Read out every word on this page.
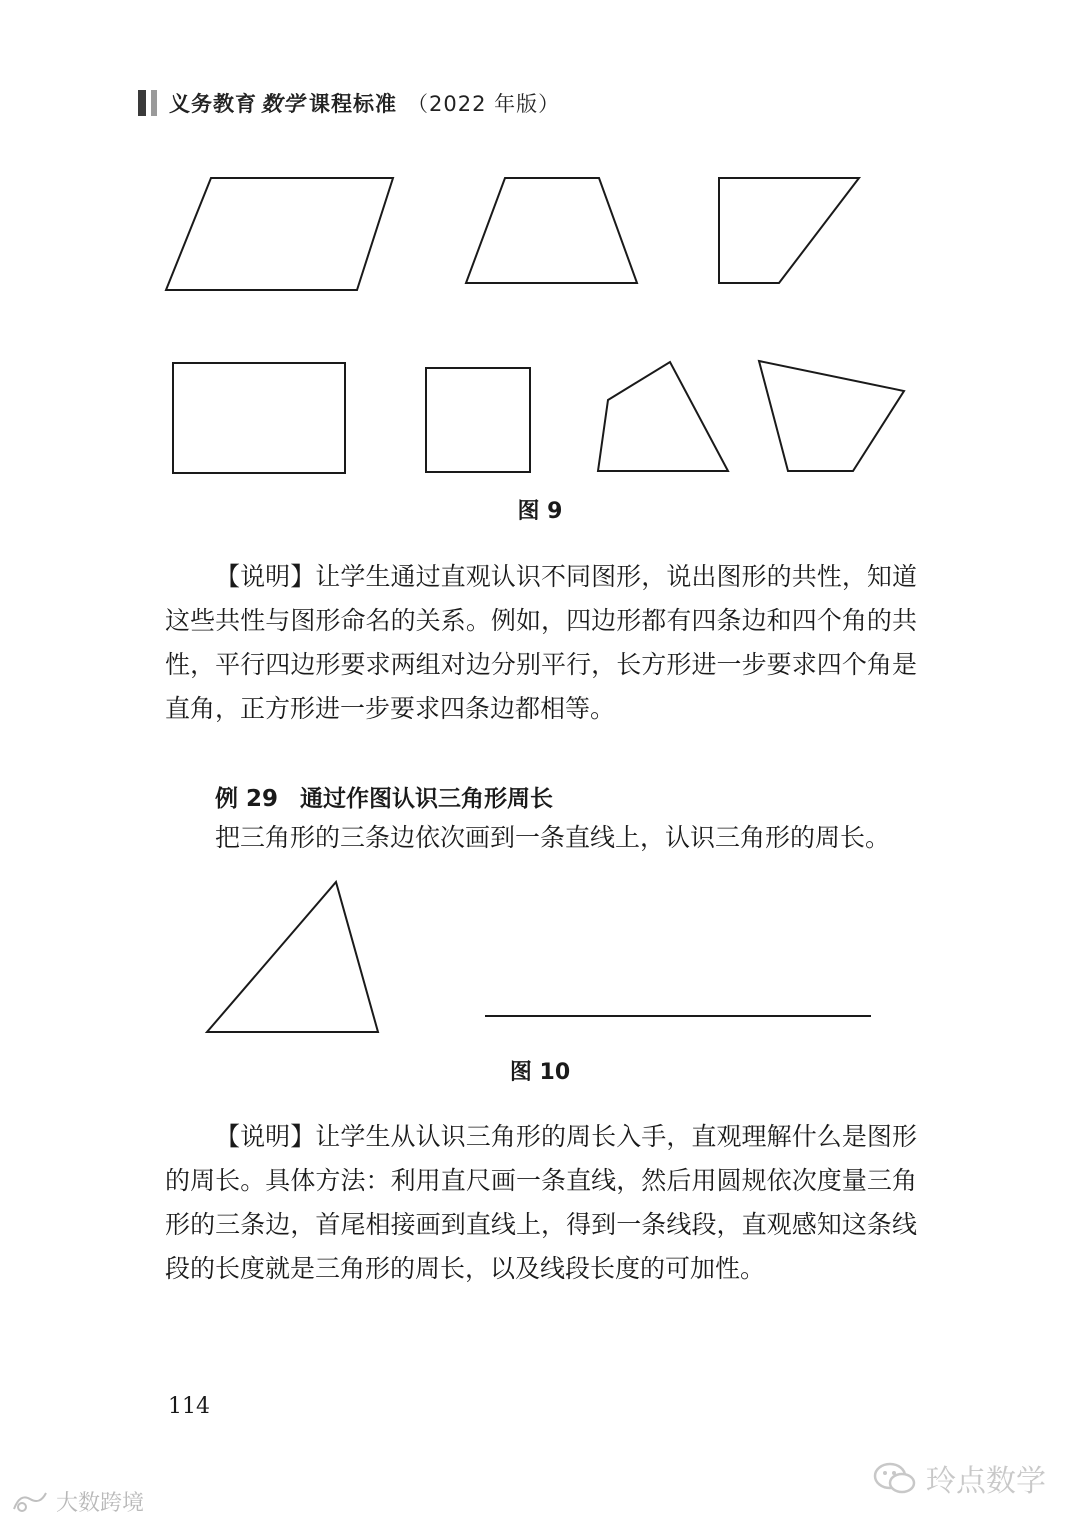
义务教育 数学 课程标准 （2022 年版）
图 9
【说明】让学生通过直观认识不同图形，说出图形的共性，知道这些共性与图形命名的关系。例如，四边形都有四条边和四个角的共性，平行四边形要求两组对边分别平行，长方形进一步要求四个角是直角，正方形进一步要求四条边都相等。
例 29 通过作图认识三角形周长
把三角形的三条边依次画到一条直线上，认识三角形的周长。
图 10
【说明】让学生从认识三角形的周长入手，直观理解什么是图形的周长。具体方法：利用直尺画一条直线，然后用圆规依次度量三角形的三条边，首尾相接画到直线上，得到一条线段，直观感知这条线段的长度就是三角形的周长，以及线段长度的可加性。
114
大数跨境
玲点数学
